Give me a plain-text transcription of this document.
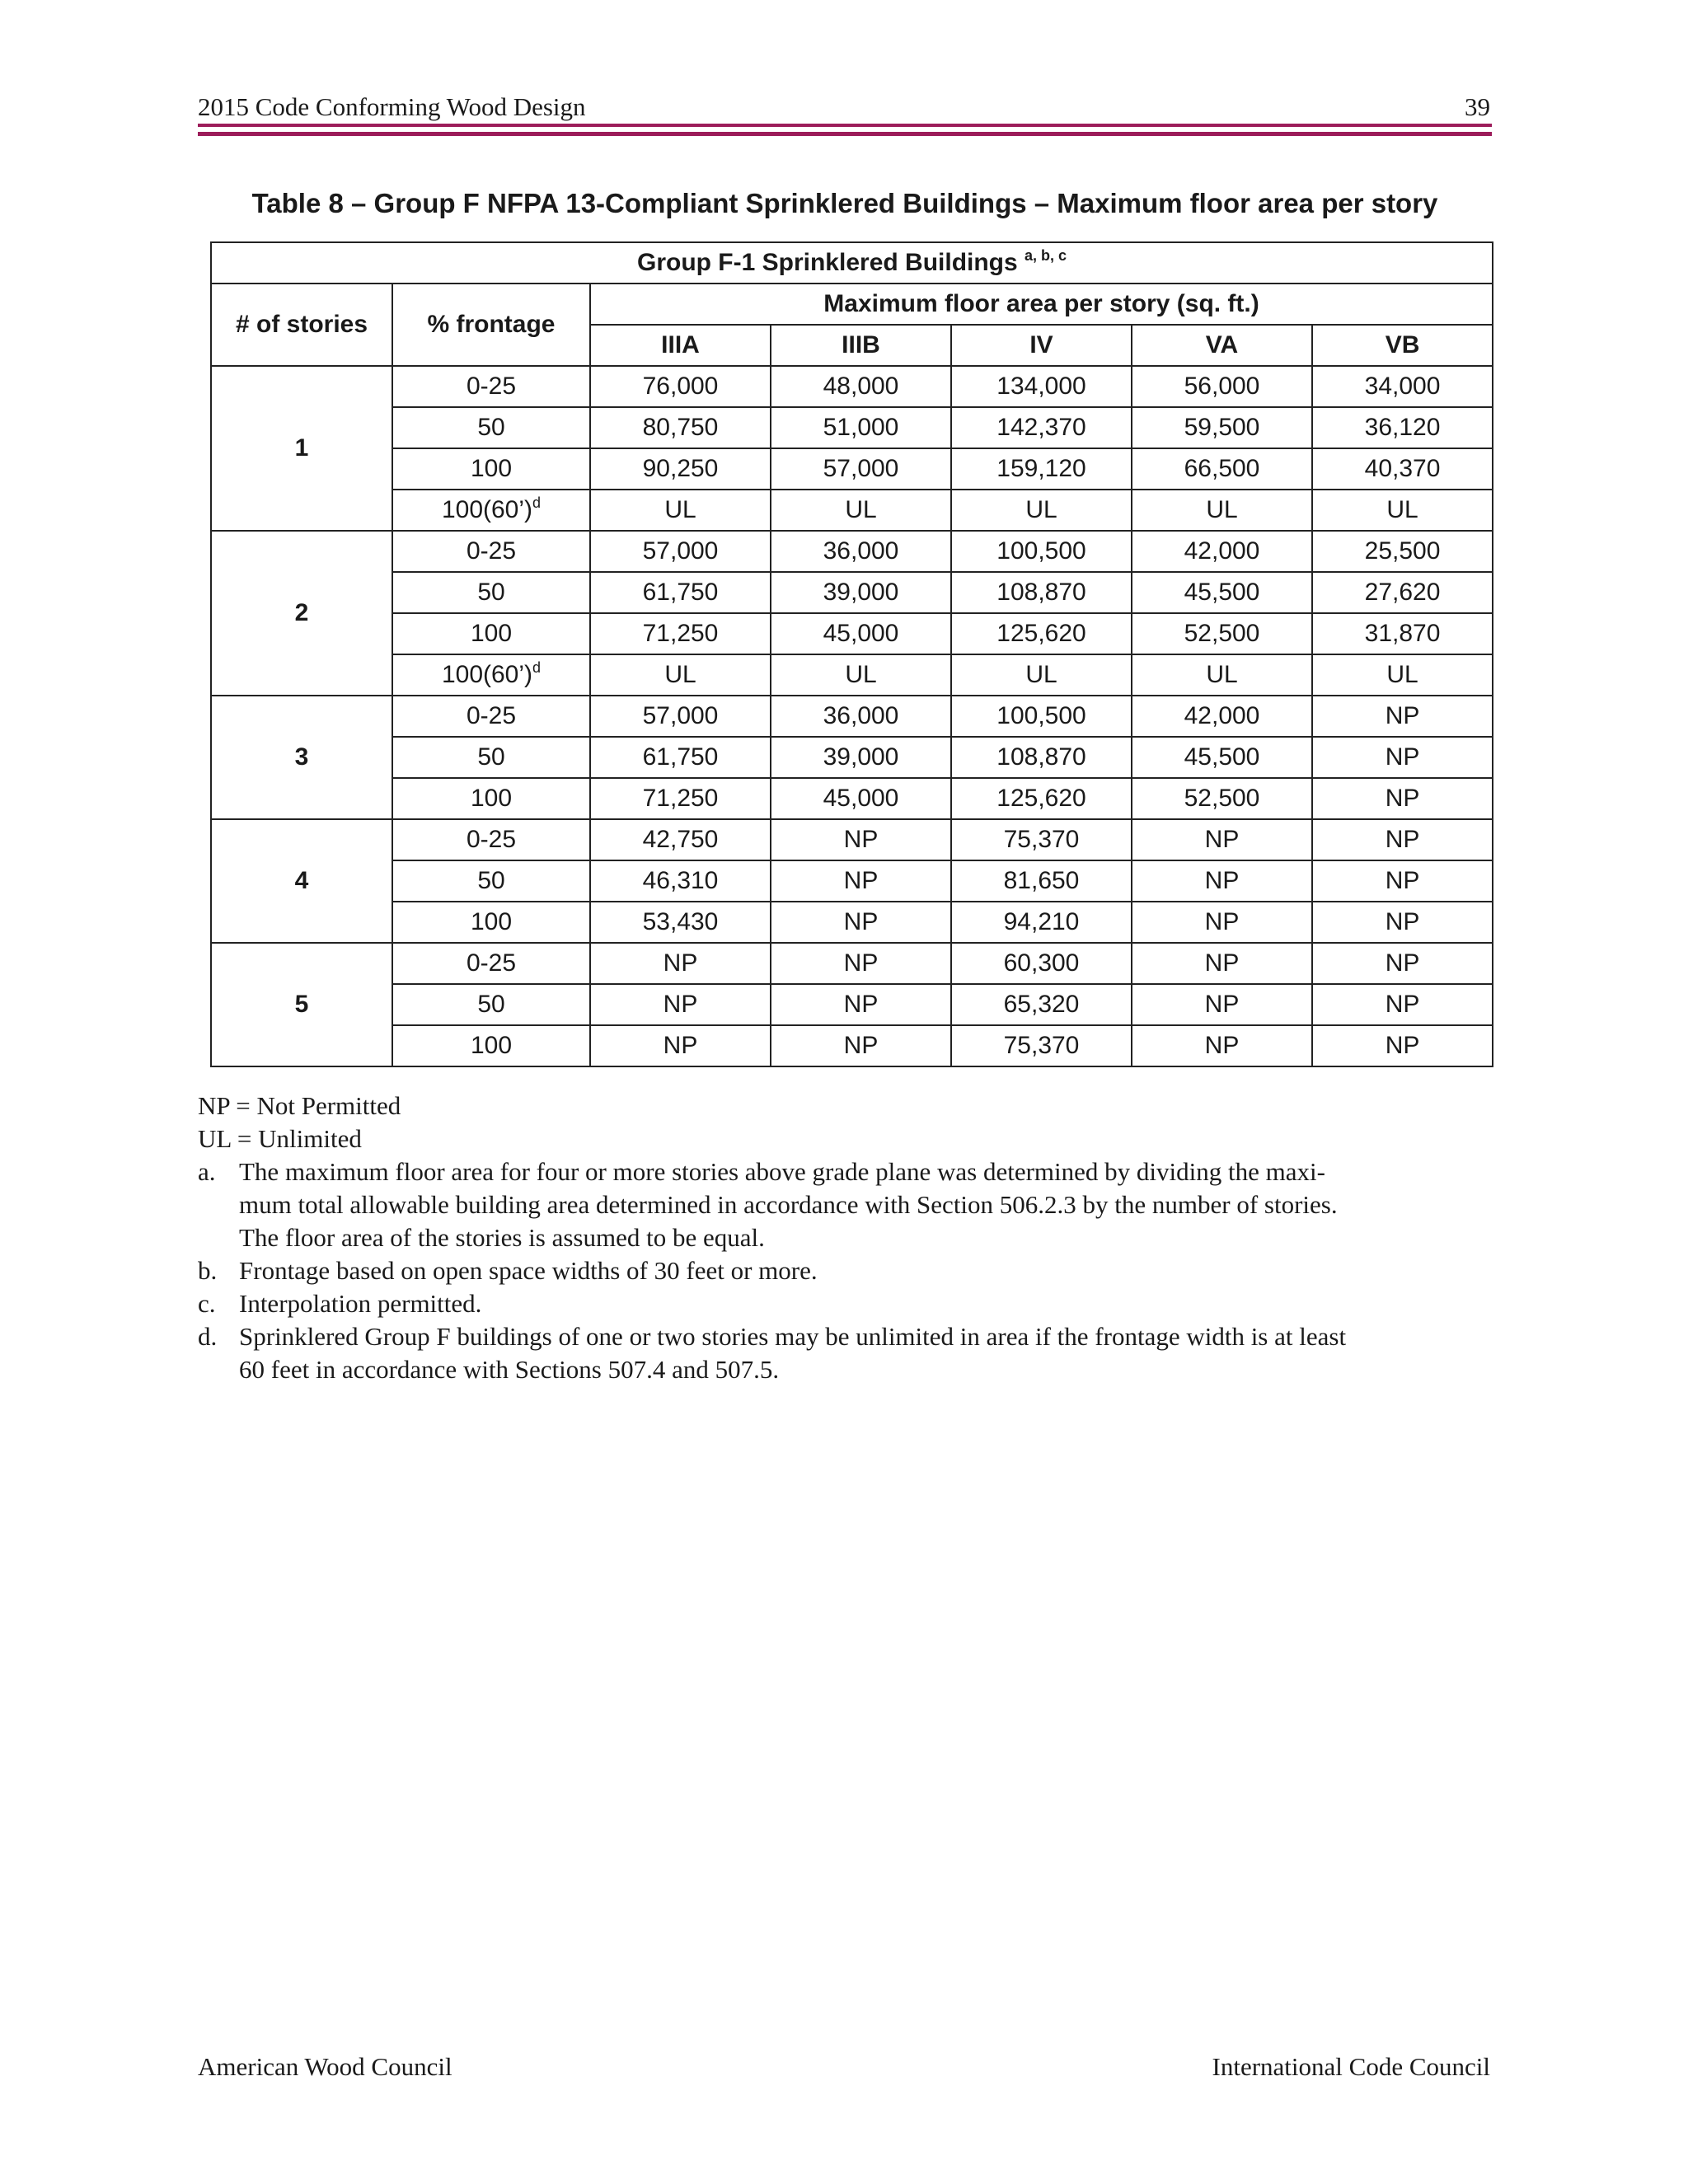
2015 Code Conforming Wood Design	39
Table 8 – Group F NFPA 13-Compliant Sprinklered Buildings – Maximum floor area per story
Group F-1 Sprinklered Buildings $^{a, b, c}$
# of stories	% frontage	Maximum floor area per story (sq. ft.)				
		IIIA	IIIB	IV	VA	VB
1	0-25	76,000	48,000	134,000	56,000	34,000
	50	80,750	51,000	142,370	59,500	36,120
	100	90,250	57,000	159,120	66,500	40,370
	100(60’)$^d$	UL	UL	UL	UL	UL
2	0-25	57,000	36,000	100,500	42,000	25,500
	50	61,750	39,000	108,870	45,500	27,620
	100	71,250	45,000	125,620	52,500	31,870
	100(60’)$^d$	UL	UL	UL	UL	UL
3	0-25	57,000	36,000	100,500	42,000	NP
	50	61,750	39,000	108,870	45,500	NP
	100	71,250	45,000	125,620	52,500	NP
4	0-25	42,750	NP	75,370	NP	NP
	50	46,310	NP	81,650	NP	NP
	100	53,430	NP	94,210	NP	NP
5	0-25	NP	NP	60,300	NP	NP
	50	NP	NP	65,320	NP	NP
	100	NP	NP	75,370	NP	NP

NP = Not Permitted

UL = Unlimited

a. The maximum floor area for four or more stories above grade plane was determined by dividing the maxi-
mum total allowable building area determined in accordance with Section 506.2.3 by the number of stories.
The floor area of the stories is assumed to be equal.
b. Frontage based on open space widths of 30 feet or more.
c. Interpolation permitted.
d. Sprinklered Group F buildings of one or two stories may be unlimited in area if the frontage width is at least
60 feet in accordance with Sections 507.4 and 507.5.
American Wood Council	International Code Council
